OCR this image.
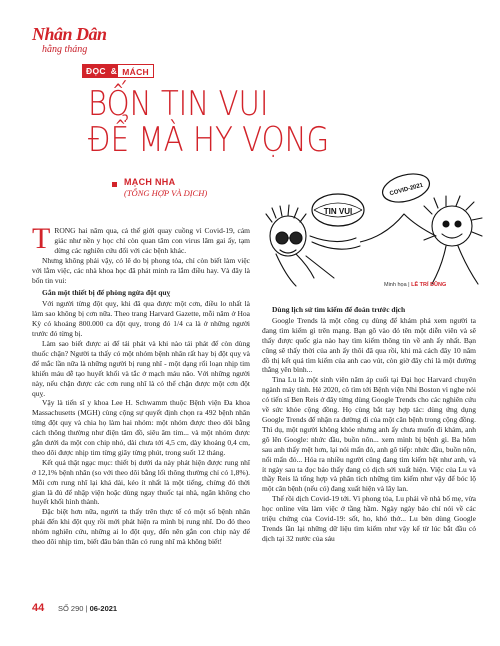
Nhân Dân
hằng tháng
ĐỌC & MÁCH
BỐN TIN VUI
ĐỂ MÀ HY VỌNG
MẠCH NHA
(TỔNG HỢP VÀ DỊCH)
TIN VUI
COVID-2021
Minh họa | LÊ TRÍ DŨNG

TRONG hai năm qua, cả thế giới quay cuồng vì Covid-19, cảm giác như nền y học chỉ còn quan tâm con virus lăm gai ấy, tạm dừng các nghiên cứu đối với các bệnh khác.

Nhưng không phải vậy, có lẽ do bị phong tỏa, chỉ còn biết làm việc với lằm việc, các nhà khoa học đã phát minh ra lắm điều hay. Và đây là bốn tin vui:

Gắn một thiết bị để phòng ngừa đột quỵ

Với người từng đột quỵ, khi đã qua được một cơn, điều lo nhất là làm sao không bị cơn nữa. Theo trang Harvard Gazette, mỗi năm ở Hoa Kỳ có khoảng 800.000 ca đột quỵ, trong đó 1/4 ca là ở những người trước đó từng bị.

Làm sao biết được ai để tái phát và khi nào tái phát để còn dùng thuốc chặn? Người ta thấy có một nhóm bệnh nhân rất hay bị đột quỵ và để mắc lần nữa là những người bị rung nhĩ - một dạng rối loạn nhịp tim khiến máu dễ tạo huyết khối và tắc ở mạch máu não. Với những người này, nếu chặn được các cơn rung nhĩ là có thể chặn được một cơn đột quỵ.

Vậy là tiến sĩ y khoa Lee H. Schwamm thuộc Bệnh viện Đa khoa Massachusetts (MGH) cùng cộng sự quyết định chọn ra 492 bệnh nhân từng đột quỵ và chia họ làm hai nhóm: một nhóm được theo dõi bằng cách thông thường như điện tâm đồ, siêu âm tim... và một nhóm được gắn dưới da một con chip nhỏ, dài chưa tới 4,5 cm, dày khoảng 0,4 cm, theo dõi được nhịp tim từng giây từng phút, trong suốt 12 tháng.

Kết quả thật ngạc mục: thiết bị dưới da này phát hiện được rung nhĩ ở 12,1% bệnh nhân (so với theo dõi bằng lối thông thường chỉ có 1,8%). Mỗi cơn rung nhĩ lại khá dài, kéo ít nhất là một tiếng, chừng đó thời gian là đủ để nhập viện hoặc dùng ngay thuốc tại nhà, ngăn không cho huyết khối hình thành.

Đặc biệt hơn nữa, người ta thấy trên thực tế có một số bệnh nhân phải đến khi đột quỵ rồi mới phát hiện ra mình bị rung nhĩ. Do đó theo nhóm nghiên cứu, những ai lo đột quỵ, đến nên gắn con chip này để theo dõi nhịp tim, biết đâu bản thân có rung nhĩ mà không biết!

Dùng lịch sử tìm kiếm để đoán trước dịch

Google Trends là một công cụ dùng để khám phá xem người ta đang tìm kiếm gì trên mạng. Bạn gõ vào đó tên một diễn viên và sẽ thấy được quốc gia nào hay tìm kiếm thông tin về anh ấy nhất. Bạn cũng sẽ thấy thời của anh ấy thôi đã qua rồi, khi mà cách đây 10 năm đồ thị kết quả tìm kiếm của anh cao vút, còn giờ đây chỉ là một đường thẳng yên bình...

Tina Lu là một sinh viên năm áp cuối tại Đại học Harvard chuyên ngành máy tính. Hè 2020, cô tìm tới Bệnh viện Nhi Boston vì nghe nói có tiến sĩ Ben Reis ở đây từng dùng Google Trends cho các nghiên cứu về sức khỏe cộng đồng. Họ cùng bắt tay hợp tác: dùng ứng dụng Google Trends để nhận ra đường đi của một căn bệnh trong cộng đồng. Thì dụ, một người không khỏe nhưng anh ấy chưa muốn đi khám, anh gõ lên Google: nhức đầu, buồn nôn... xem mình bị bệnh gì. Ba hôm sau anh thấy mệt hơn, lại nói mấn đỏ, anh gõ tiếp: nhức đầu, buồn nôn, nổi mẩn đỏ... Hóa ra nhiều người cũng đang tìm kiếm hệt như anh, và ít ngày sau ta đọc báo thấy đang có dịch sởi xuất hiện. Việc của Lu và thầy Reis là tổng hợp và phân tích những tìm kiếm như vậy để bóc lộ một căn bệnh (nếu có) đang xuất hiện và lây lan.

Thế rồi dịch Covid-19 tới. Vì phong tỏa, Lu phải về nhà bố mẹ, vừa học online vừa làm việc ở tầng hầm. Ngày ngày báo chí nói về các triệu chứng của Covid-19: sốt, ho, khó thở... Lu bèn dùng Google Trends lần lại những dữ liệu tìm kiếm như vậy kể từ lúc bắt đầu có dịch tại 32 nước của sáu

44 SỐ 290 | 06-2021
